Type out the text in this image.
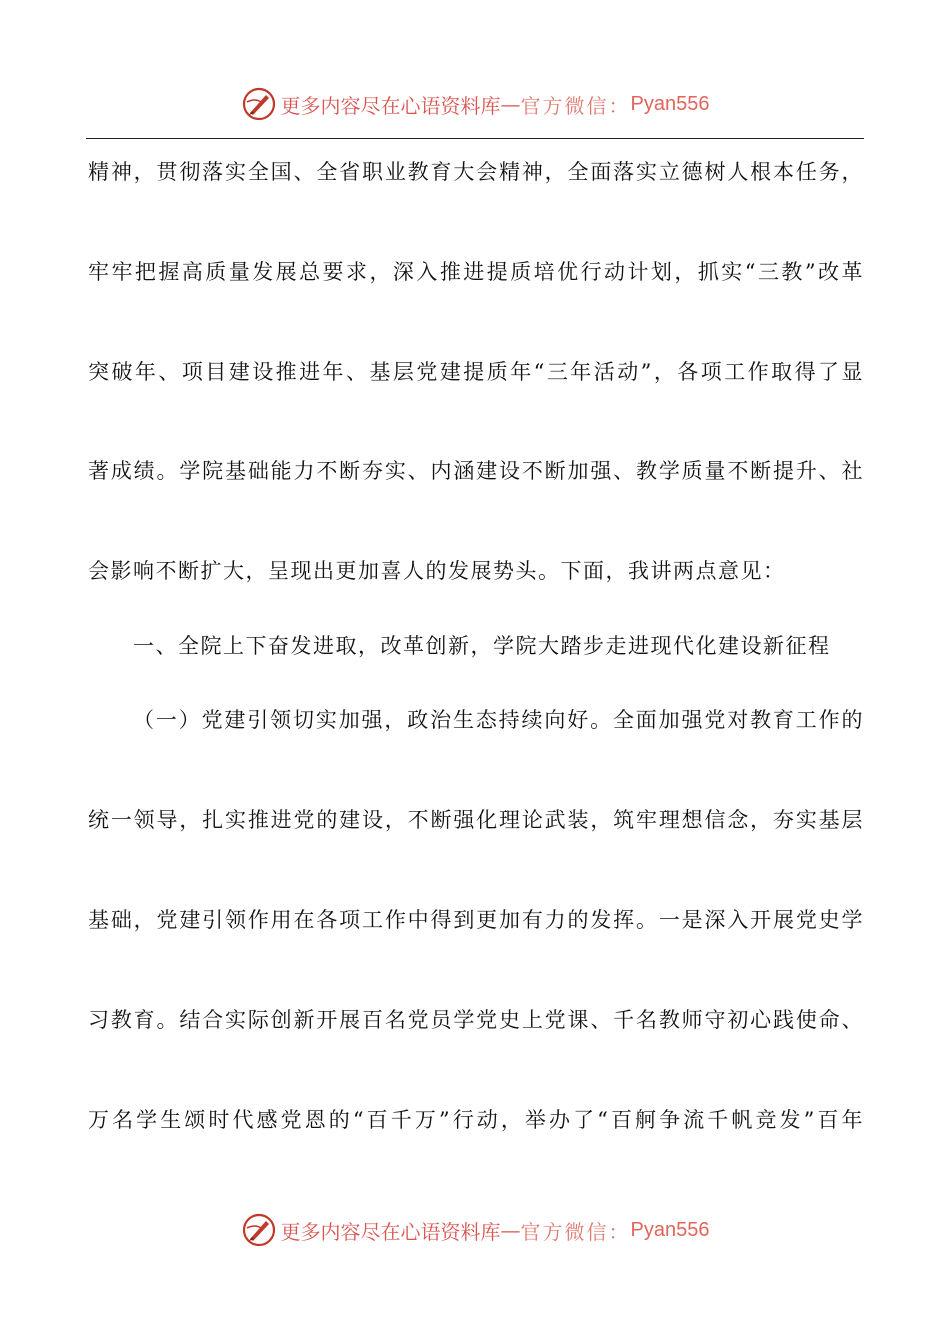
更多内容尽在心语资料库 — 官方微信： Pyan556
精神，贯彻落实全国、全省职业教育大会精神，全面落实立德树人根本任务，
牢牢把握高质量发展总要求，深入推进提质培优行动计划，抓实“三教”改革
突破年、项目建设推进年、基层党建提质年“三年活动”，各项工作取得了显
著成绩。学院基础能力不断夯实、内涵建设不断加强、教学质量不断提升、社
会影响不断扩大，呈现出更加喜人的发展势头。下面，我讲两点意见：
一、全院上下奋发进取，改革创新，学院大踏步走进现代化建设新征程
（一）党建引领切实加强，政治生态持续向好。全面加强党对教育工作的
统一领导，扎实推进党的建设，不断强化理论武装，筑牢理想信念，夯实基层
基础，党建引领作用在各项工作中得到更加有力的发挥。一是深入开展党史学
习教育。结合实际创新开展百名党员学党史上党课、千名教师守初心践使命、
万名学生颂时代感党恩的“百千万”行动，举办了“百舸争流千帆竞发”百年
更多内容尽在心语资料库 — 官方微信： Pyan556
